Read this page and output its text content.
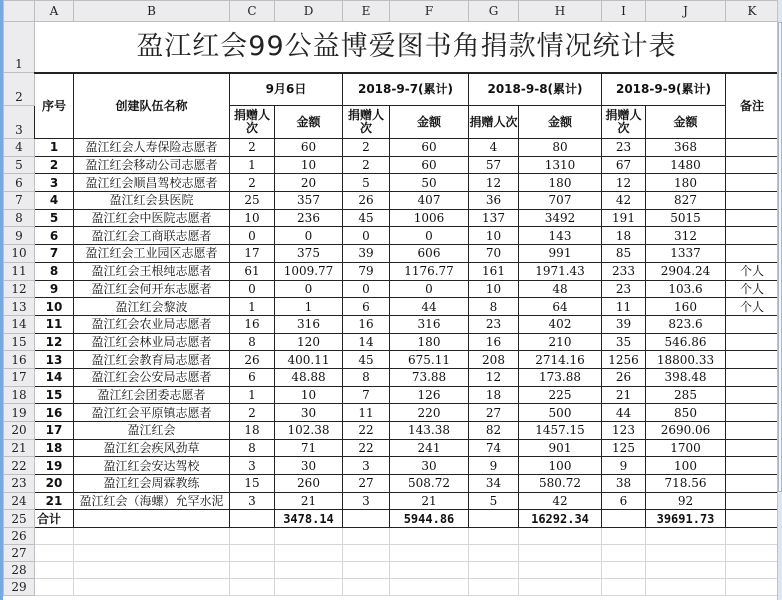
	A	B	C	D	E	F	G	H	I	J	K
1	盈江红会99公益博爱图书角捐款情况统计表										
2	序号	创建队伍名称	9月6日		2018-9-7(累计)		2018-9-8(累计)		2018-9-9(累计)		备注
3			捐赠人次	金额	捐赠人次	金额	捐赠人次	金额	捐赠人次	金额	
4	1	盈江红会人寿保险志愿者	2	60	2	60	4	80	23	368	
5	2	盈江红会移动公司志愿者	1	10	2	60	57	1310	67	1480	
6	3	盈江红会顺昌驾校志愿者	2	20	5	50	12	180	12	180	
7	4	盈江红会县医院	25	357	26	407	36	707	42	827	
8	5	盈江红会中医院志愿者	10	236	45	1006	137	3492	191	5015	
9	6	盈江红会工商联志愿者	0	0	0	0	10	143	18	312	
10	7	盈江红会工业园区志愿者	17	375	39	606	70	991	85	1337	
11	8	盈江红会王根纯志愿者	61	1009.77	79	1176.77	161	1971.43	233	2904.24	个人
12	9	盈江红会何开东志愿者	0	0	0	0	10	48	23	103.6	个人
13	10	盈江红会黎波	1	1	6	44	8	64	11	160	个人
14	11	盈江红会农业局志愿者	16	316	16	316	23	402	39	823.6	
15	12	盈江红会林业局志愿者	8	120	14	180	16	210	35	546.86	
16	13	盈江红会教育局志愿者	26	400.11	45	675.11	208	2714.16	1256	18800.33	
17	14	盈江红会公安局志愿者	6	48.88	8	73.88	12	173.88	26	398.48	
18	15	盈江红会团委志愿者	1	10	7	126	18	225	21	285	
19	16	盈江红会平原镇志愿者	2	30	11	220	27	500	44	850	
20	17	盈江红会	18	102.38	22	143.38	82	1457.15	123	2690.06	
21	18	盈江红会疾风劲草	8	71	22	241	74	901	125	1700	
22	19	盈江红会安达驾校	3	30	3	30	9	100	9	100	
23	20	盈江红会周霖教练	15	260	27	508.72	34	580.72	38	718.56	
24	21	盈江红会（海螺）允罕水泥	3	21	3	21	5	42	6	92	
25	合计			3478.14		5944.86		16292.34		39691.73	
26											
27											
28											
29											
